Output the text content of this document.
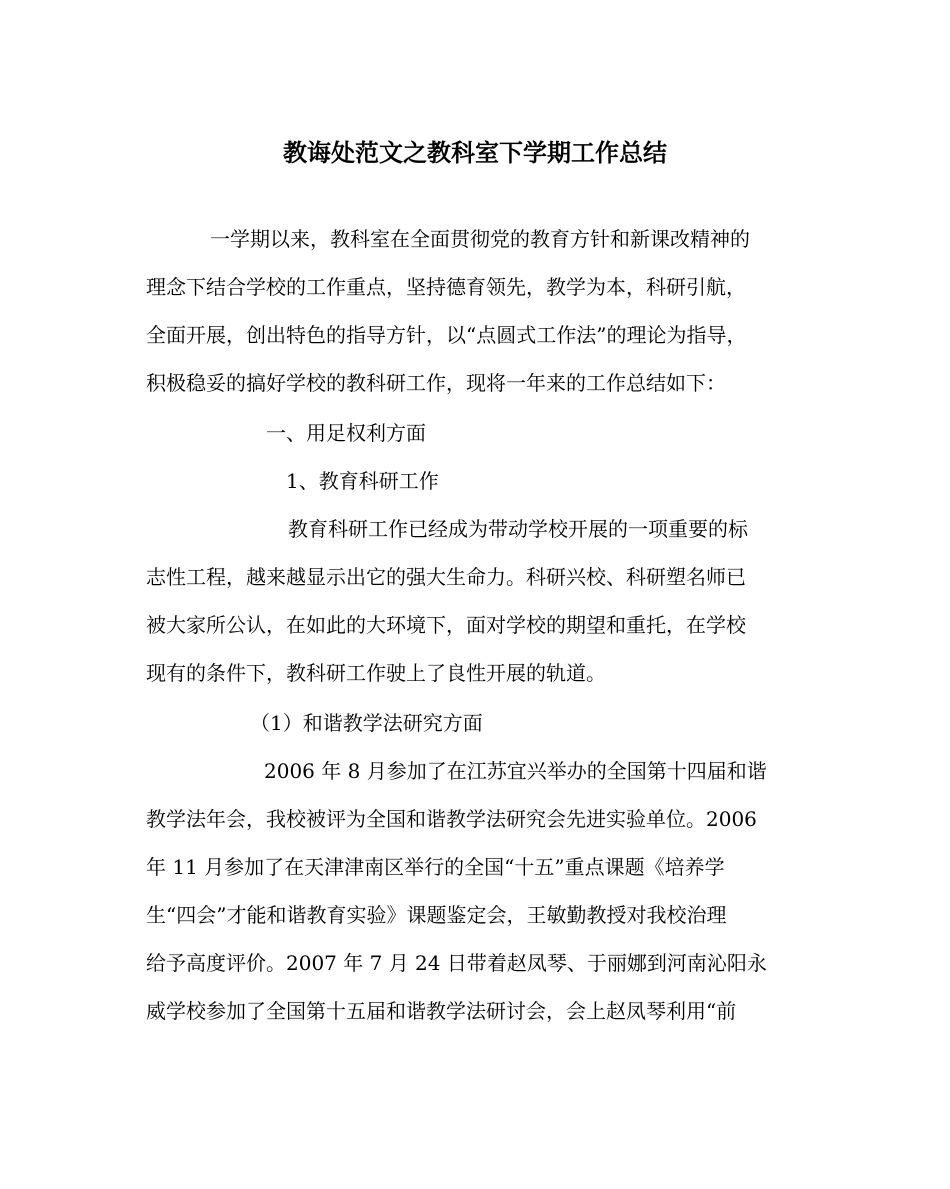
教诲处范文之教科室下学期工作总结
一学期以来，教科室在全面贯彻党的教育方针和新课改精神的
理念下结合学校的工作重点，坚持德育领先，教学为本，科研引航，
全面开展，创出特色的指导方针，以“点圆式工作法”的理论为指导，
积极稳妥的搞好学校的教科研工作，现将一年来的工作总结如下：
一、用足权利方面
1、教育科研工作
教育科研工作已经成为带动学校开展的一项重要的标
志性工程，越来越显示出它的强大生命力。科研兴校、科研塑名师已
被大家所公认，在如此的大环境下，面对学校的期望和重托，在学校
现有的条件下，教科研工作驶上了良性开展的轨道。
（1）和谐教学法研究方面
2006 年 8 月参加了在江苏宜兴举办的全国第十四届和谐
教学法年会，我校被评为全国和谐教学法研究会先进实验单位。2006
年 11 月参加了在天津津南区举行的全国“十五”重点课题《培养学
生“四会”才能和谐教育实验》课题鉴定会，王敏勤教授对我校治理
给予高度评价。2007 年 7 月 24 日带着赵凤琴、于丽娜到河南沁阳永
威学校参加了全国第十五届和谐教学法研讨会，会上赵凤琴利用“前
